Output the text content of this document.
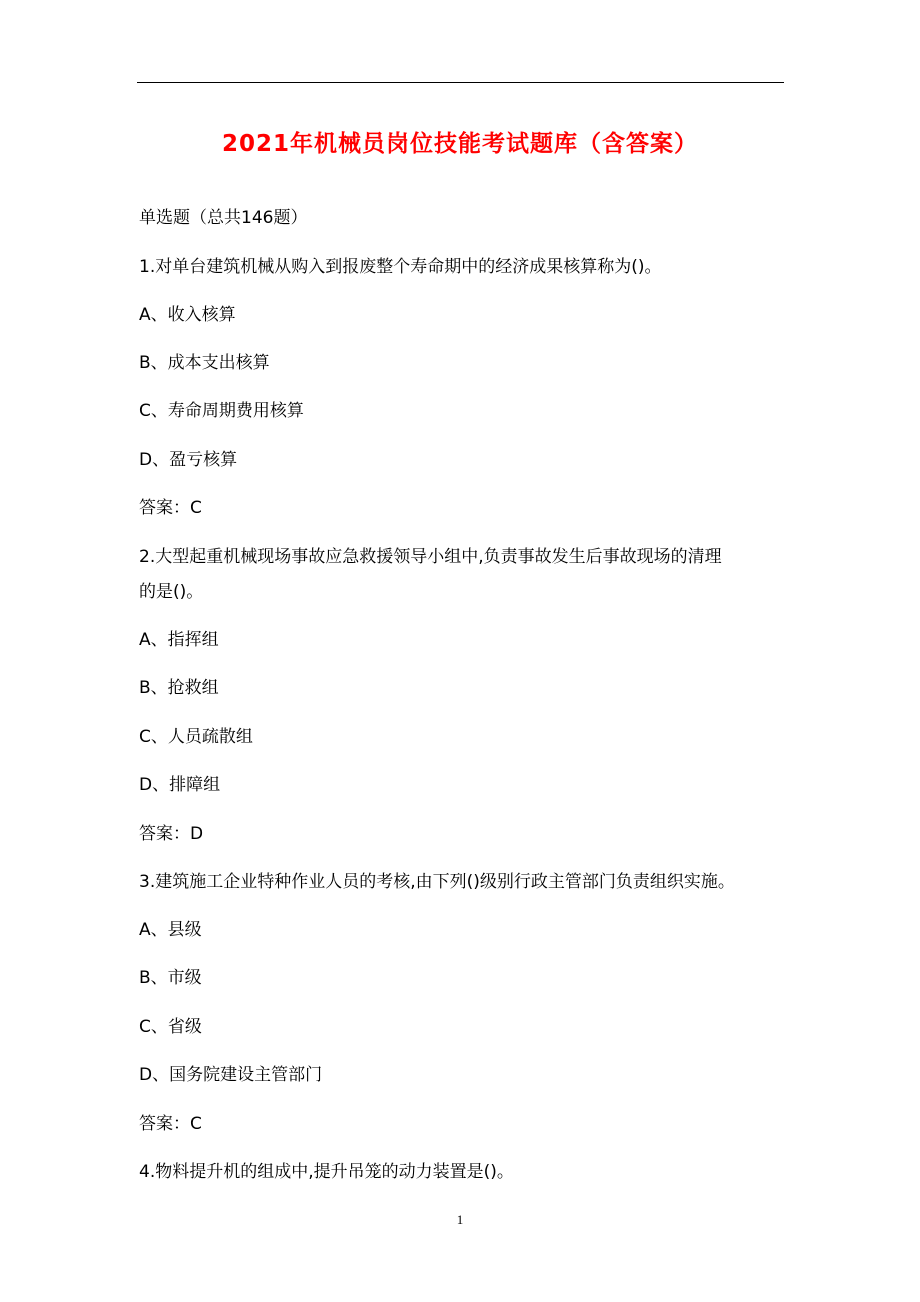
2021年机械员岗位技能考试题库（含答案）
单选题（总共146题）
1.对单台建筑机械从购入到报废整个寿命期中的经济成果核算称为()。
A、收入核算
B、成本支出核算
C、寿命周期费用核算
D、盈亏核算
答案：C
2.大型起重机械现场事故应急救援领导小组中,负责事故发生后事故现场的清理
的是()。
A、指挥组
B、抢救组
C、人员疏散组
D、排障组
答案：D
3.建筑施工企业特种作业人员的考核,由下列()级别行政主管部门负责组织实施。
A、县级
B、市级
C、省级
D、国务院建设主管部门
答案：C
4.物料提升机的组成中,提升吊笼的动力装置是()。
1
